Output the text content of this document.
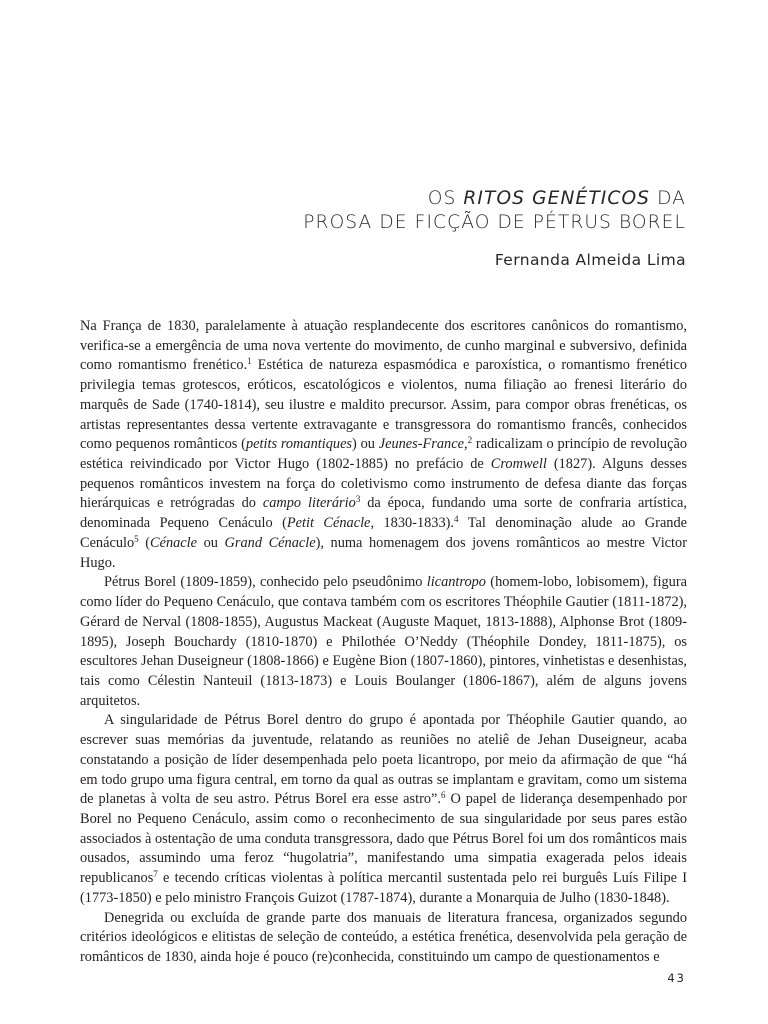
OS RITOS GENÉTICOS DA
PROSA DE FICÇÃO DE PÉTRUS BOREL
Fernanda Almeida Lima

Na França de 1830, paralelamente à atuação resplandecente dos escritores canônicos do romantismo, verifica-se a emergência de uma nova vertente do movimento, de cunho marginal e subversivo, definida como romantismo frenético.$^1$ Estética de natureza espasmódica e paroxística, o romantismo frenético privilegia temas grotescos, eróticos, escatológicos e violentos, numa filiação ao frenesi literário do marquês de Sade (1740-1814), seu ilustre e maldito precursor. Assim, para compor obras frenéticas, os artistas representantes dessa vertente extravagante e transgressora do romantismo francês, conhecidos como pequenos românticos (petits romantiques) ou Jeunes-France,$^2$ radicalizam o princípio de revolução estética reivindicado por Victor Hugo (1802-1885) no prefácio de Cromwell (1827). Alguns desses pequenos românticos investem na força do coletivismo como instrumento de defesa diante das forças hierárquicas e retrógradas do campo literário$^3$ da época, fundando uma sorte de confraria artística, denominada Pequeno Cenáculo (Petit Cénacle, 1830-1833).$^4$ Tal denominação alude ao Grande Cenáculo$^5$ (Cénacle ou Grand Cénacle), numa homenagem dos jovens românticos ao mestre Victor Hugo.

Pétrus Borel (1809-1859), conhecido pelo pseudônimo licantropo (homem-lobo, lobisomem), figura como líder do Pequeno Cenáculo, que contava também com os escritores Théophile Gautier (1811-1872), Gérard de Nerval (1808-1855), Augustus Mackeat (Auguste Maquet, 1813-1888), Alphonse Brot (1809-1895), Joseph Bouchardy (1810-1870) e Philothée O’Neddy (Théophile Dondey, 1811-1875), os escultores Jehan Duseigneur (1808-1866) e Eugène Bion (1807-1860), pintores, vinhetistas e desenhistas, tais como Célestin Nanteuil (1813-1873) e Louis Boulanger (1806-1867), além de alguns jovens arquitetos.

A singularidade de Pétrus Borel dentro do grupo é apontada por Théophile Gautier quando, ao escrever suas memórias da juventude, relatando as reuniões no ateliê de Jehan Duseigneur, acaba constatando a posição de líder desempenhada pelo poeta licantropo, por meio da afirmação de que “há em todo grupo uma figura central, em torno da qual as outras se implantam e gravitam, como um sistema de planetas à volta de seu astro. Pétrus Borel era esse astro”.$^6$ O papel de liderança desempenhado por Borel no Pequeno Cenáculo, assim como o reconhecimento de sua singularidade por seus pares estão associados à ostentação de uma conduta transgressora, dado que Pétrus Borel foi um dos românticos mais ousados, assumindo uma feroz “hugolatria”, manifestando uma simpatia exagerada pelos ideais republicanos$^7$ e tecendo críticas violentas à política mercantil sustentada pelo rei burguês Luís Filipe I (1773-1850) e pelo ministro François Guizot (1787-1874), durante a Monarquia de Julho (1830-1848).

Denegrida ou excluída de grande parte dos manuais de literatura francesa, organizados segundo critérios ideológicos e elitistas de seleção de conteúdo, a estética frenética, desenvolvida pela geração de românticos de 1830, ainda hoje é pouco (re)conhecida, constituindo um campo de questionamentos e

43
